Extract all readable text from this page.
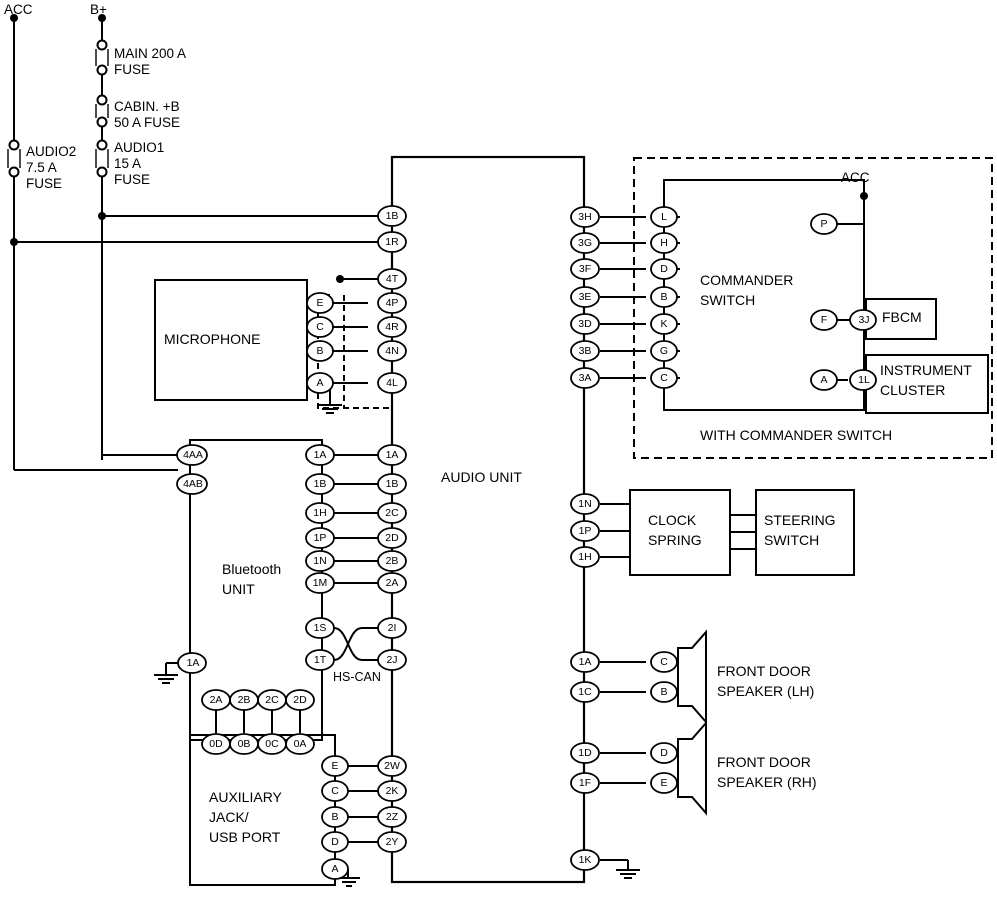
ACC	B+
ACC
MAIN 200 A
FUSE
CABIN. +B
50 A FUSE
AUDIO1
15 A
FUSE
AUDIO2
7.5 A
FUSE
AUDIO UNIT
MICROPHONE
Bluetooth
UNIT
AUXILIARY
JACK/
USB PORT
HS-CAN
COMMANDER
SWITCH
FBCM
INSTRUMENT
CLUSTER
WITH COMMANDER SWITCH
CLOCK
SPRING
STEERING
SWITCH
FRONT DOOR
SPEAKER (LH)
FRONT DOOR
SPEAKER (RH)
1B
1R
4T
4P
4R
4N
4L
E
C
B
A
4AA
4AB
1A
1A
1B
1H
1P
1N
1M
1S
1T
2C
2D
2B
2A
2I
2J
1A
1B
2A	2B	2C	2D
0D	0B	0C	0A
E
C
B
D
A
2W
2K
2Z
2Y
3H
3G
3F
3E
3D
3B
3A
L
H
D
B
K
G
C
P
F
A
3J
1L
1N
1P
1H
1A
1C
C
B
1D
1F
D
E
1K
